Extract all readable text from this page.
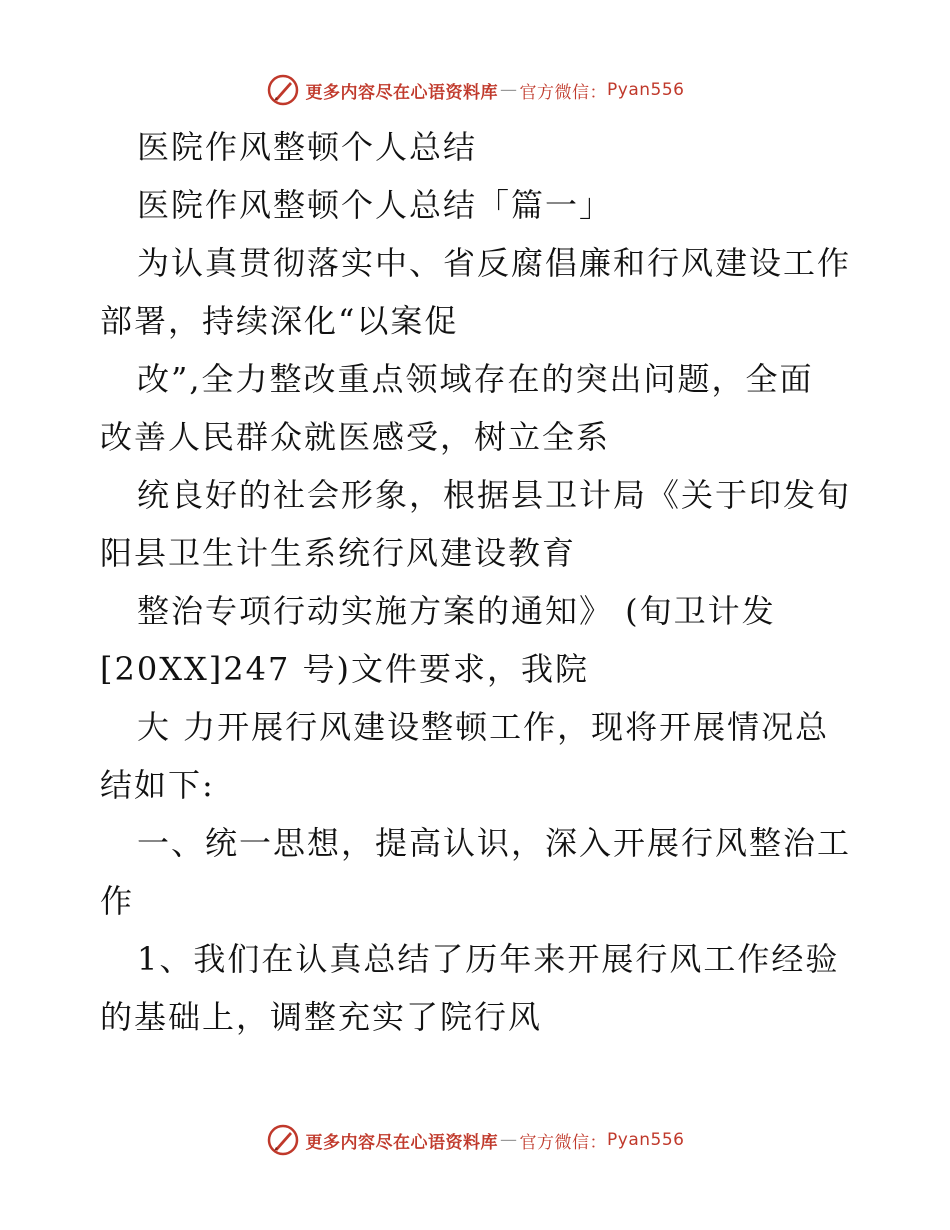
更多内容尽在心语资料库 — 官方微信： Pyan556
医院作风整顿个人总结
医院作风整顿个人总结「篇一」
为认真贯彻落实中、省反腐倡廉和行风建设工作
部署，持续深化“以案促
改”,全力整改重点领域存在的突出问题，全面
改善人民群众就医感受，树立全系
统良好的社会形象，根据县卫计局《关于印发旬
阳县卫生计生系统行风建设教育
整治专项行动实施方案的通知》 (旬卫计发
[20XX]247 号)文件要求，我院
大 力开展行风建设整顿工作，现将开展情况总
结如下:
一、统一思想，提高认识，深入开展行风整治工
作
1、我们在认真总结了历年来开展行风工作经验
的基础上，调整充实了院行风
更多内容尽在心语资料库 — 官方微信： Pyan556
